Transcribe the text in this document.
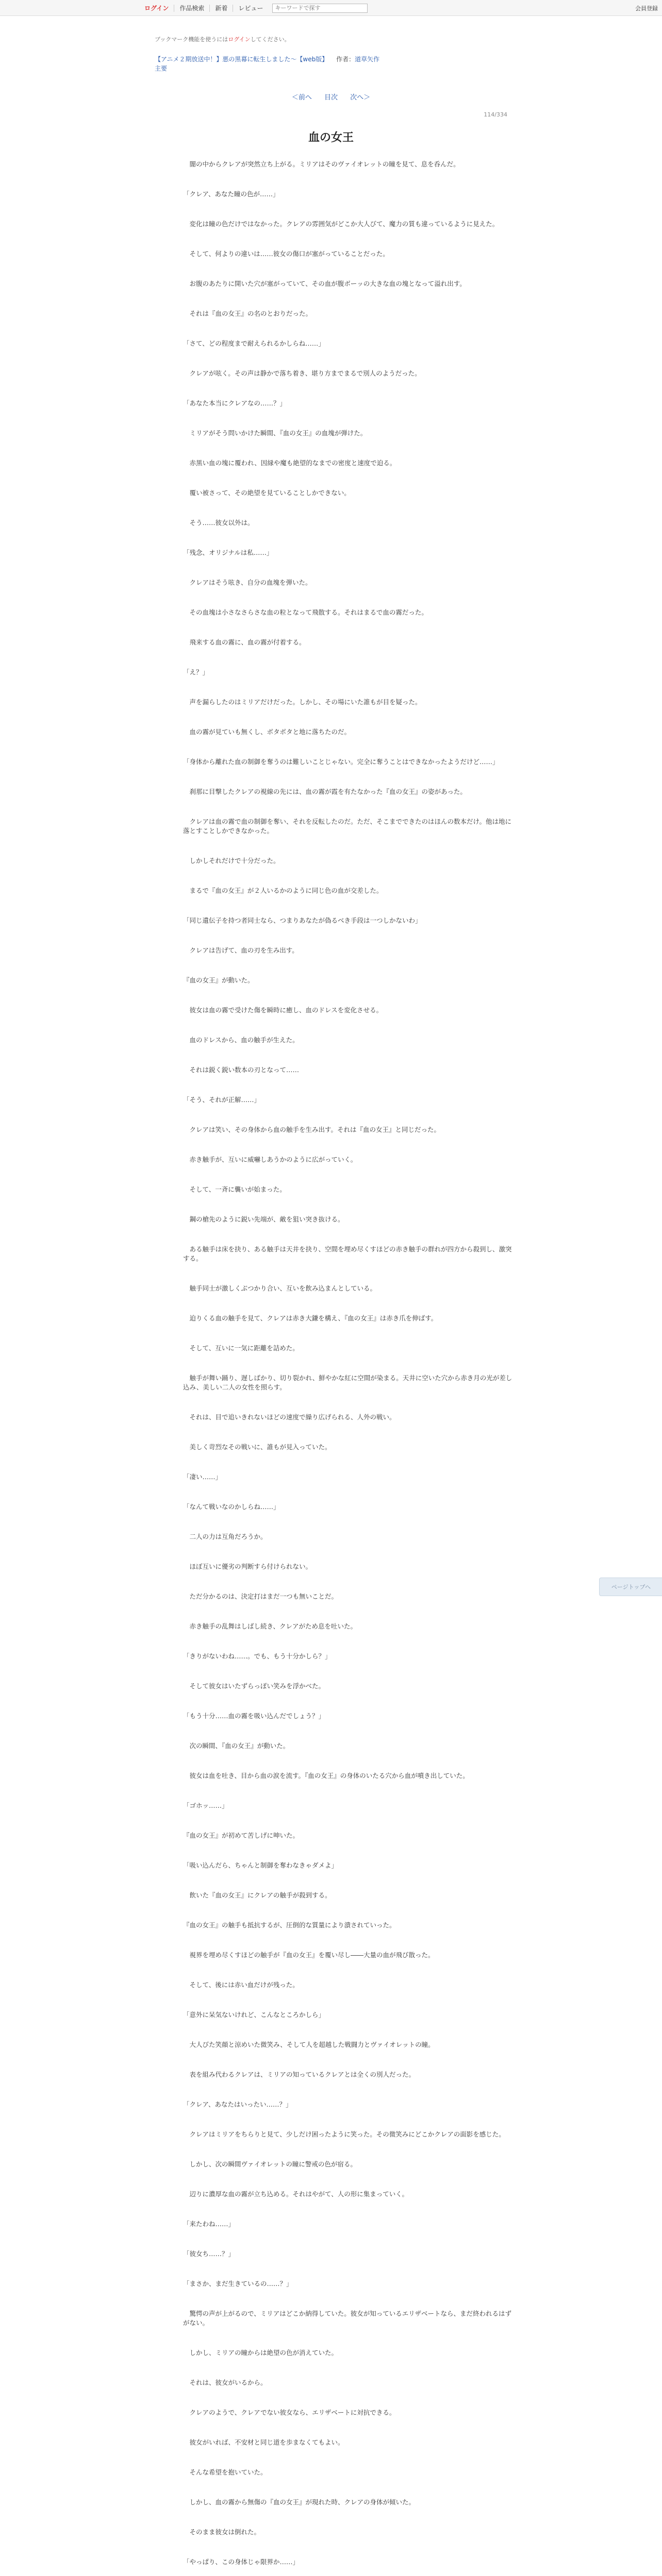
ログイン	作品検索	新着	レビュー
キーワードで探す	会員登録
ブックマーク機能を使うにはログインしてください。
【アニメ２期放送中！】悪の黒幕に転生しました～【web版】 作者：道草矢作
主要
＜前へ 目次 次へ＞
114/334
血の女王

　闇の中からクレアが突然立ち上がる。ミリアはそのヴァイオレットの瞳を見て、息を呑んだ。

「クレア、あなた瞳の色が……」

　変化は瞳の色だけではなかった。クレアの雰囲気がどこか大人びて、魔力の質も違っているように見えた。

　そして、何よりの違いは……彼女の傷口が塞がっていることだった。

　お腹のあたりに開いた穴が塞がっていて、その血が腹ボーッの大きな血の塊となって溢れ出す。

　それは『血の女王』の名のとおりだった。

「さて、どの程度まで耐えられるかしらね……」

　クレアが呟く。その声は静かで落ち着き、堪り方までまるで別人のようだった。

「あなた本当にクレアなの……？」

　ミリアがそう問いかけた瞬間、『血の女王』の血塊が弾けた。

　赤黒い血の塊に覆われ、因縁や魔も絶望的なまでの密度と速度で迫る。

　覆い被さって、その絶望を見ていることしかできない。

　そう……彼女以外は。

「残念、オリジナルは私……」

　クレアはそう呟き、自分の血塊を弾いた。

　その血塊は小さなさらさな血の粒となって飛散する。それはまるで血の霧だった。

　飛来する血の霧に、血の霧が付着する。

「え？」

　声を漏らしたのはミリアだけだった。しかし、その場にいた誰もが目を疑った。

　血の霧が見ていも無くし、ボタボタと地に落ちたのだ。

「身体から離れた血の制御を奪うのは難しいことじゃない。完全に奪うことはできなかったようだけど……」

　刹那に目撃したクレアの視線の先には、血の霧が霞を有たなかった『血の女王』の姿があった。

　クレアは血の霧で血の制御を奪い、それを反転したのだ。ただ、そこまでできたのはほんの数本だけ。他は地に落とすことしかできなかった。

　しかしそれだけで十分だった。

　まるで『血の女王』が２人いるかのように同じ色の血が交差した。

「同じ遺伝子を持つ者同士なら、つまりあなたが偽るべき手段は一つしかないわ」

　クレアは告げて、血の刃を生み出す。

『血の女王』が動いた。

　彼女は血の霧で受けた傷を瞬時に癒し、血のドレスを変化させる。

　血のドレスから、血の触手が生えた。

　それは鋭く鋭い数本の刃となって……

「そう、それが正解……」

　クレアは笑い、その身体から血の触手を生み出す。それは『血の女王』と同じだった。

　赤き触手が、互いに威嚇しあうかのように広がっていく。

　そして、一斉に襲いが始まった。

　鋼の槍先のように鋭い先端が、敵を狙い突き抜ける。

　ある触手は床を抉り、ある触手は天井を抉り、空間を埋め尽くすほどの赤き触手の群れが四方から殺到し、激突する。

　触手同士が激しくぶつかり合い、互いを飲み込まんとしている。

　迫りくる血の触手を見て、クレアは赤き大鎌を構え、『血の女王』は赤き爪を伸ばす。

　そして、互いに一気に距離を詰めた。

　触手が舞い踊り、遅しばかり、切り裂かれ、鮮やかな紅に空間が染まる。天井に空いた穴から赤き月の光が差し込み、美しい二人の女性を照らす。

　それは、目で追いきれないほどの速度で繰り広げられる、人外の戦い。

　美しく苛烈なその戦いに、誰もが見入っていた。

「凄い……」

「なんて戦いなのかしらね……」

　二人の力は互角だろうか。

　ほぼ互いに優劣の判断すら付けられない。

　ただ分かるのは、決定打はまだ一つも無いことだ。

　赤き触手の乱舞はしばし続き、クレアがため息を吐いた。

「きりがないわね……。でも、もう十分かしら？」

　そして彼女はいたずらっぽい笑みを浮かべた。

「もう十分……血の霧を吸い込んだでしょう？」

　次の瞬間、『血の女王』が動いた。

　彼女は血を吐き、目から血の涙を流す。『血の女王』の身体のいたる穴から血が噴き出していた。

「ゴホッ……」

『血の女王』が初めて苦しげに呻いた。

「吸い込んだら、ちゃんと制御を奪わなきゃダメよ」

　飲いた『血の女王』にクレアの触手が殺到する。

『血の女王』の触手も抵抗するが、圧倒的な質量により潰されていった。

　視界を埋め尽くすほどの触手が『血の女王』を覆い尽し――大量の血が飛び散った。

　そして、後には赤い血だけが残った。

「意外に呆気ないけれど、こんなところかしら」

　大人びた笑顔と涼めいた微笑み、そして人を超越した戦闘力とヴァイオレットの瞳。

　表を組み代わるクレアは、ミリアの知っているクレアとは全くの別人だった。

「クレア、あなたはいったい……？」

　クレアはミリアをちらりと見て、少しだけ困ったように笑った。その微笑みにどこかクレアの面影を感じた。

　しかし、次の瞬間ヴァイオレットの瞳に警戒の色が宿る。

　辺りに濃厚な血の霧が立ち込める。それはやがて、人の形に集まっていく。

「来たわね……」

「彼女ち……？」

「まさか、まだ生きているの……？」

　驚愕の声が上がるので、ミリアはどこか納得していた。彼女が知っているエリザベートなら、まだ終われるはずがない。

　しかし、ミリアの瞳からは絶望の色が消えていた。

　それは、彼女がいるから。

　クレアのようで、クレアでない彼女なら、エリザベートに対抗できる。

　彼女がいれば、不安材と同じ道を歩まなくてもよい。

　そんな希望を抱いていた。

　しかし、血の霧から無傷の『血の女王』が現れた時、クレアの身体が傾いた。

　そのまま彼女は倒れた。

「やっぱり、この身体じゃ限界か……」

ページトップへ
